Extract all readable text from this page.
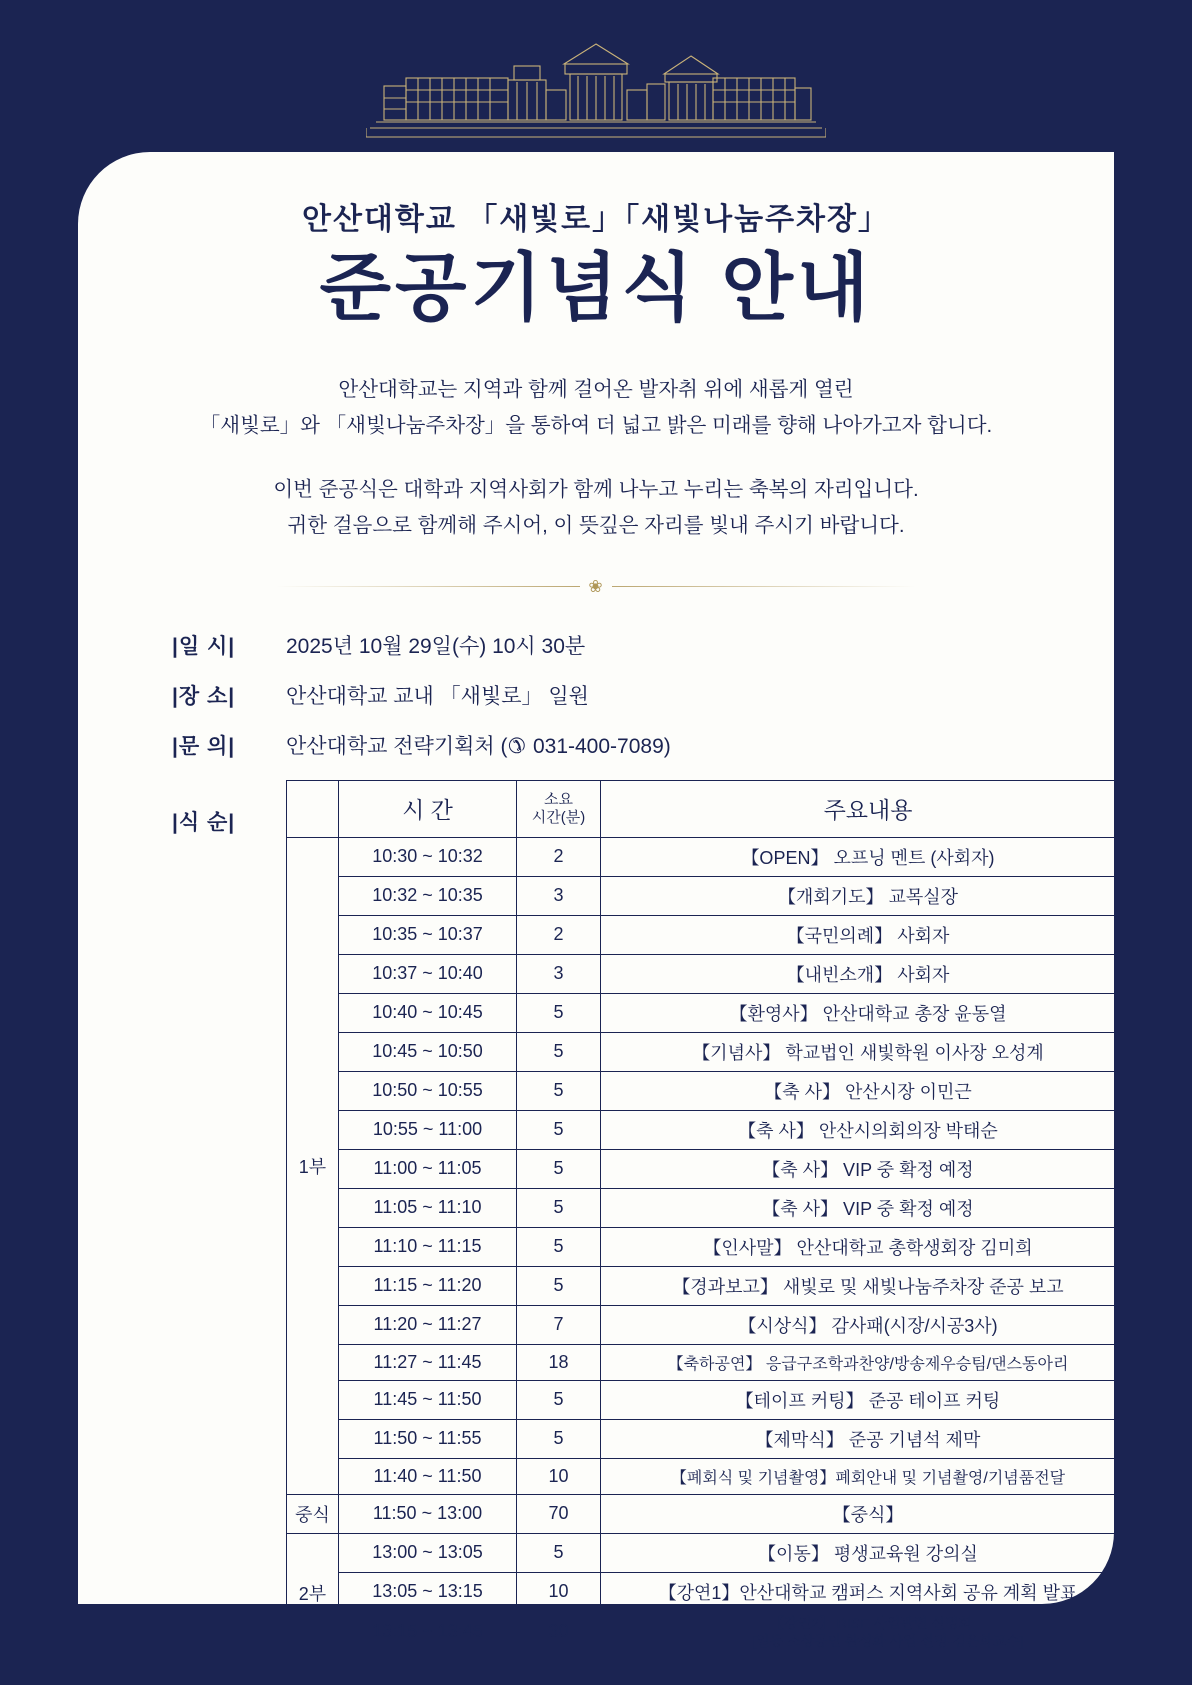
안산대학교 「새빛로」「새빛나눔주차장」
준공기념식 안내
안산대학교는 지역과 함께 걸어온 발자취 위에 새롭게 열린
「새빛로」와 「새빛나눔주차장」을 통하여 더 넓고 밝은 미래를 향해 나아가고자 합니다.
이번 준공식은 대학과 지역사회가 함께 나누고 누리는 축복의 자리입니다.
귀한 걸음으로 함께해 주시어, 이 뜻깊은 자리를 빛내 주시기 바랍니다.
❀
|일 시|	2025년 10월 29일(수) 10시 30분
|장 소|	안산대학교 교내 「새빛로」 일원
|문 의|	안산대학교 전략기획처 (✆ 031-400-7089)
|식 순|
		시 간	소요
시간(분)	주요내용
1부	10:30 ~ 10:32	2	【OPEN】 오프닝 멘트 (사회자)
	10:32 ~ 10:35	3	【개회기도】 교목실장
	10:35 ~ 10:37	2	【국민의례】 사회자
	10:37 ~ 10:40	3	【내빈소개】 사회자
	10:40 ~ 10:45	5	【환영사】 안산대학교 총장 윤동열
	10:45 ~ 10:50	5	【기념사】 학교법인 새빛학원 이사장 오성계
	10:50 ~ 10:55	5	【축 사】 안산시장 이민근
	10:55 ~ 11:00	5	【축 사】 안산시의회의장 박태순
	11:00 ~ 11:05	5	【축 사】 VIP 중 확정 예정
	11:05 ~ 11:10	5	【축 사】 VIP 중 확정 예정
	11:10 ~ 11:15	5	【인사말】 안산대학교 총학생회장 김미희
	11:15 ~ 11:20	5	【경과보고】 새빛로 및 새빛나눔주차장 준공 보고
	11:20 ~ 11:27	7	【시상식】 감사패(시장/시공3사)
	11:27 ~ 11:45	18	【축하공연】 응급구조학과찬양/방송제우승팀/댄스동아리
	11:45 ~ 11:50	5	【테이프 커팅】 준공 테이프 커팅
	11:50 ~ 11:55	5	【제막식】 준공 기념석 제막
	11:40 ~ 11:50	10	【폐회식 및 기념촬영】폐회안내 및 기념촬영/기념품전달
중식	11:50 ~ 13:00	70	【중식】
2부	13:00 ~ 13:05	5	【이동】 평생교육원 강의실
	13:05 ~ 13:15	10	【강연1】안산대학교 캠퍼스 지역사회 공유 계획 발표
	13:15 ~ 13:45	30	【강연2】 RISE 사업관련 설명회
[일동 소상공인 활성화 사업 설명-김은화교수]
